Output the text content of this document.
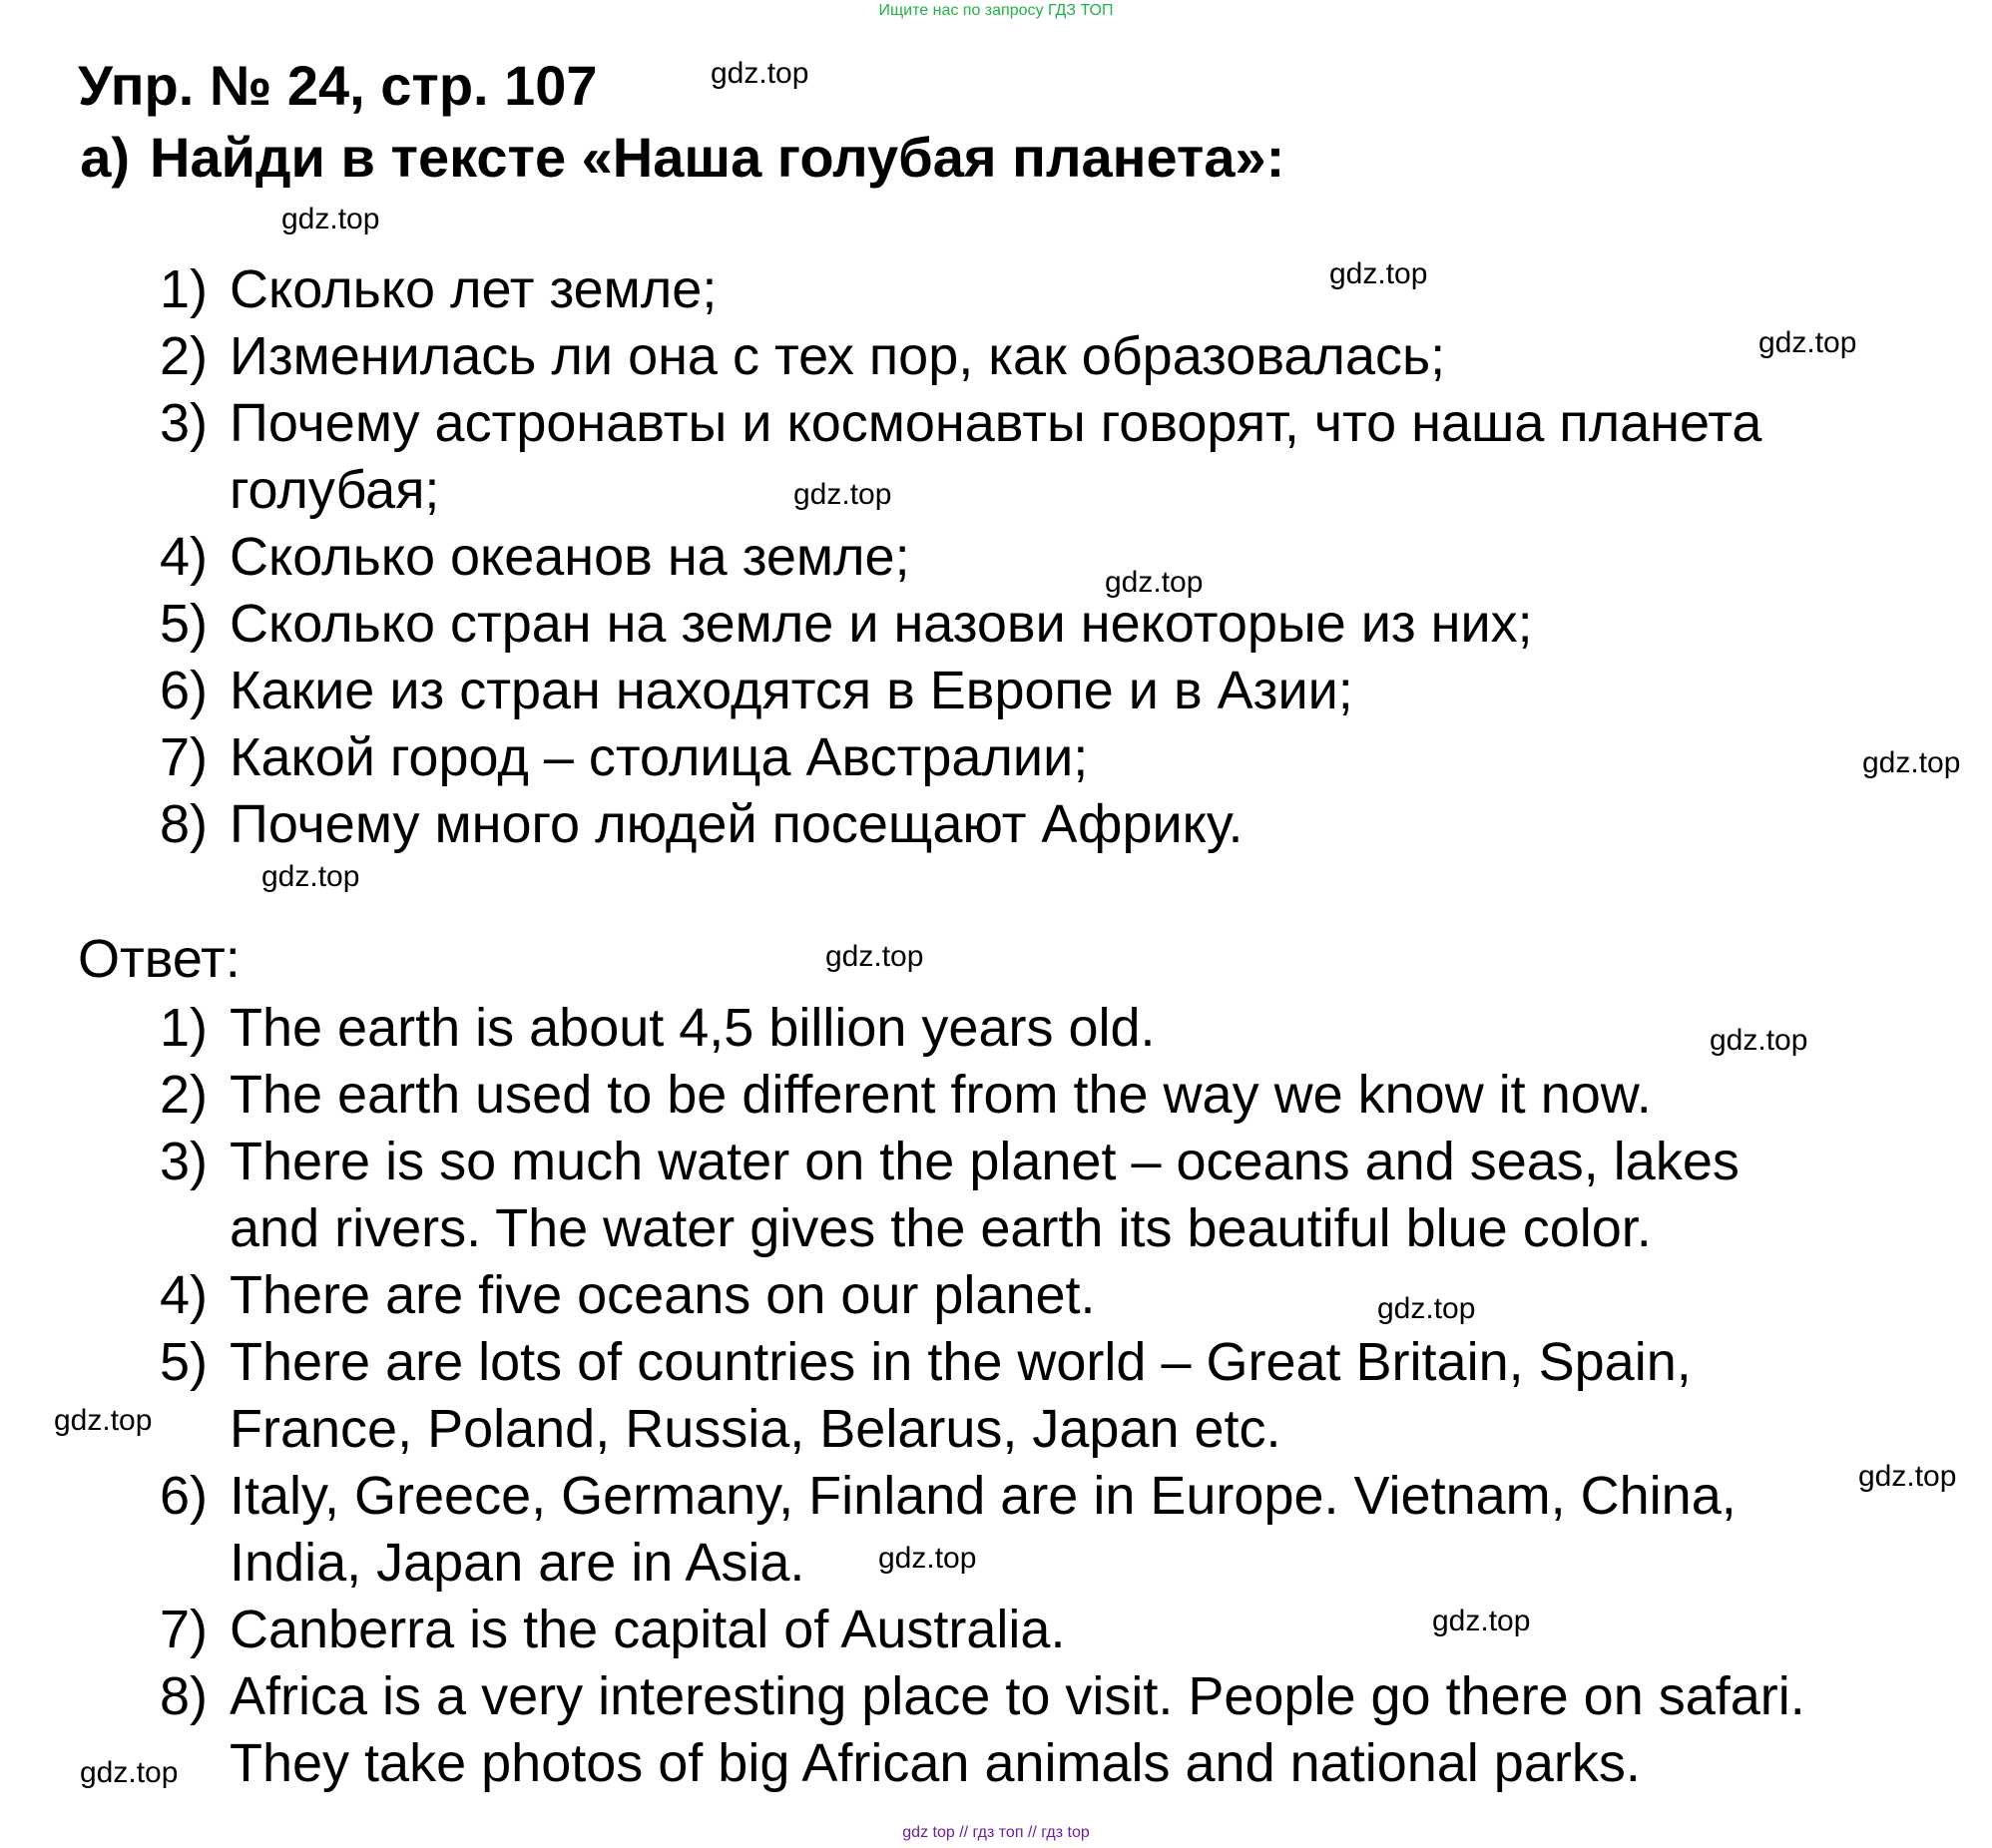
Ищите нас по запросу ГДЗ ТОП
Упр. № 24, стр. 107
а) Найди в тексте «Наша голубая планета»:
1) Сколько лет земле;
2) Изменилась ли она с тех пор, как образовалась;
3) Почему астронавты и космонавты говорят, что наша планета
голубая;
4) Сколько океанов на земле;
5) Сколько стран на земле и назови некоторые из них;
6) Какие из стран находятся в Европе и в Азии;
7) Какой город – столица Австралии;
8) Почему много людей посещают Африку.
Ответ:
1) The earth is about 4,5 billion years old.
2) The earth used to be different from the way we know it now.
3) There is so much water on the planet – oceans and seas, lakes
and rivers. The water gives the earth its beautiful blue color.
4) There are five oceans on our planet.
5) There are lots of countries in the world – Great Britain, Spain,
France, Poland, Russia, Belarus, Japan etc.
6) Italy, Greece, Germany, Finland are in Europe. Vietnam, China,
India, Japan are in Asia.
7) Canberra is the capital of Australia.
8) Africa is a very interesting place to visit. People go there on safari.
They take photos of big African animals and national parks.
gdz.top
gdz.top
gdz.top
gdz.top
gdz.top
gdz.top
gdz.top
gdz.top
gdz.top
gdz.top
gdz.top
gdz.top
gdz.top
gdz.top
gdz.top
gdz.top
gdz top // гдз топ // гдз top
